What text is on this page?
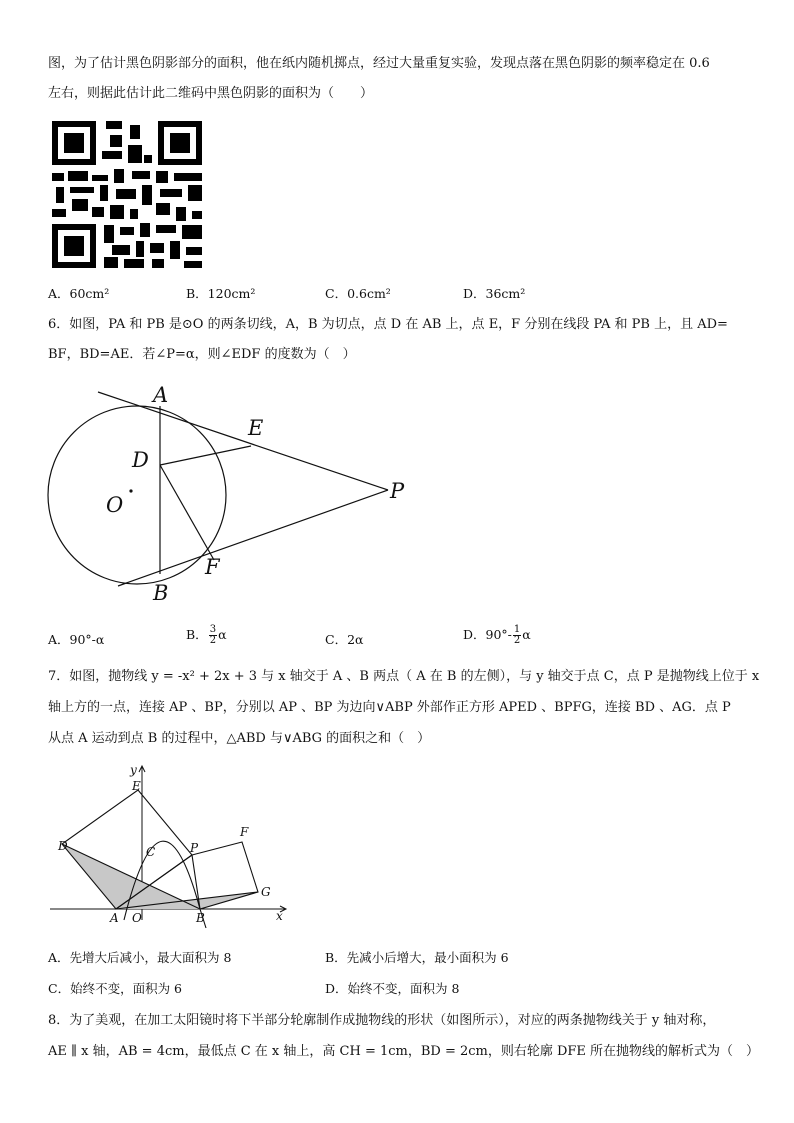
图，为了估计黑色阴影部分的面积，他在纸内随机掷点，经过大量重复实验，发现点落在黑色阴影的频率稳定在 0.6
左右，则据此估计此二维码中黑色阴影的面积为（　　）
A．60cm²	B．120cm²	C．0.6cm²	D．36cm²
6．如图，PA 和 PB 是⊙O 的两条切线，A，B 为切点，点 D 在 AB 上，点 E，F 分别在线段 PA 和 PB 上，且 AD=
BF，BD=AE．若∠P=α，则∠EDF 的度数为（　）
A
E
D
O
P
F
B
A．90°-α	B． $\frac{3}{2}$ α	C．2α	D．$90^\circ- \frac{1}{2}$ α
7．如图，抛物线 y = -x² + 2x + 3 与 x 轴交于 A 、B 两点（ A 在 B 的左侧），与 y 轴交于点 C，点 P 是抛物线上位于 x
轴上方的一点，连接 AP 、BP，分别以 AP 、BP 为边向∨ABP 外部作正方形 APED 、BPFG，连接 BD 、AG．点 P
从点 A 运动到点 B 的过程中，△ABD 与∨ABG 的面积之和（　）
y
E
F
D	C	P
G
A O	B	x
A．先增大后减小，最大面积为 8	B．先减小后增大，最小面积为 6
C．始终不变，面积为 6	D．始终不变，面积为 8
8．为了美观，在加工太阳镜时将下半部分轮廓制作成抛物线的形状（如图所示），对应的两条抛物线关于 y 轴对称，
AE ∥ x 轴，AB = 4cm，最低点 C 在 x 轴上，高 CH = 1cm，BD = 2cm，则右轮廓 DFE 所在抛物线的解析式为（　）
